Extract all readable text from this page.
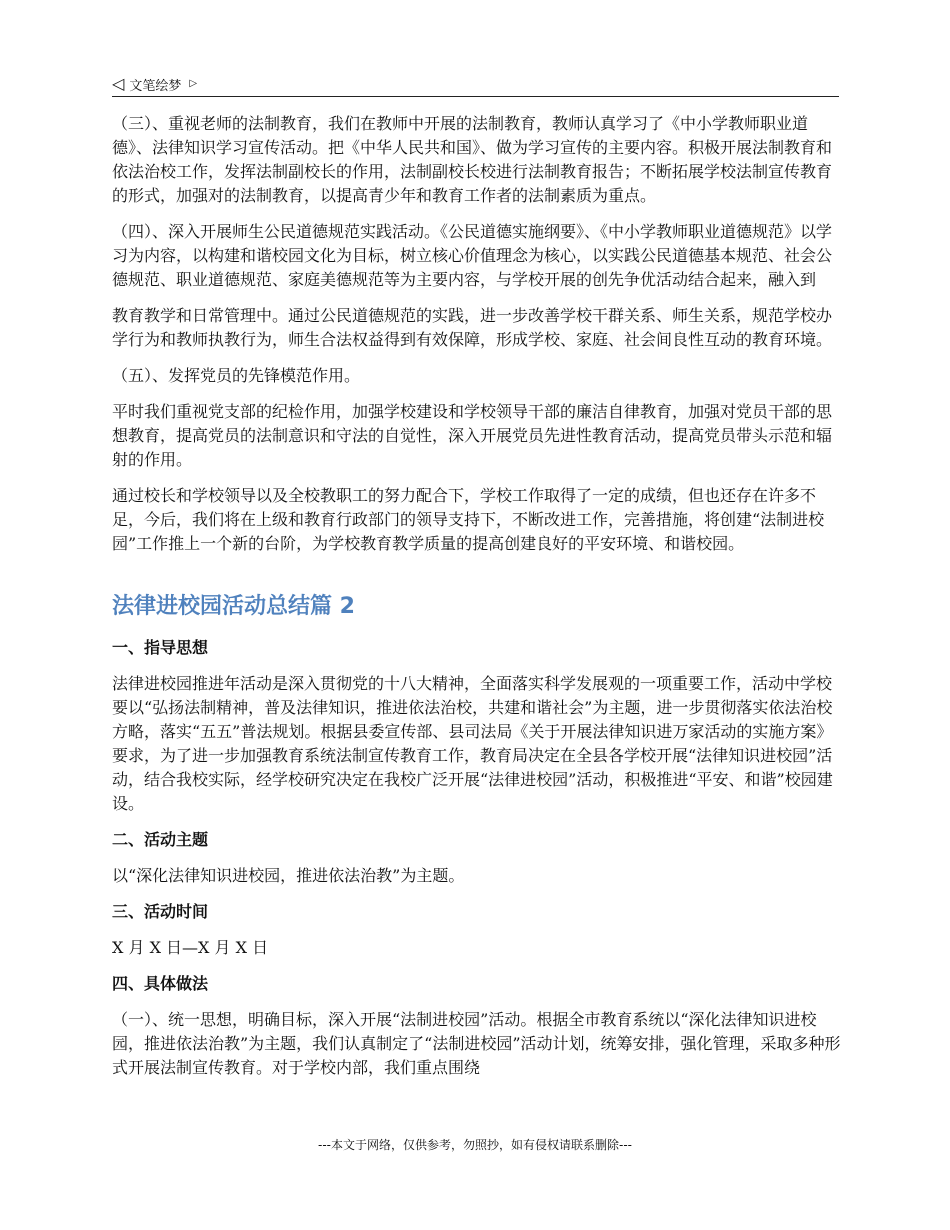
◁ 文笔绘梦 ▷

（三）、重视老师的法制教育，我们在教师中开展的法制教育，教师认真学习了《中小学教师职业道德》、法律知识学习宣传活动。把《中华人民共和国》、做为学习宣传的主要内容。积极开展法制教育和依法治校工作，发挥法制副校长的作用，法制副校长校进行法制教育报告；不断拓展学校法制宣传教育的形式，加强对的法制教育，以提高青少年和教育工作者的法制素质为重点。

（四）、深入开展师生公民道德规范实践活动。《公民道德实施纲要》、《中小学教师职业道德规范》以学习为内容，以构建和谐校园文化为目标，树立核心价值理念为核心，以实践公民道德基本规范、社会公德规范、职业道德规范、家庭美德规范等为主要内容，与学校开展的创先争优活动结合起来，融入到

教育教学和日常管理中。通过公民道德规范的实践，进一步改善学校干群关系、师生关系，规范学校办学行为和教师执教行为，师生合法权益得到有效保障，形成学校、家庭、社会间良性互动的教育环境。

（五）、发挥党员的先锋模范作用。

平时我们重视党支部的纪检作用，加强学校建设和学校领导干部的廉洁自律教育，加强对党员干部的思想教育，提高党员的法制意识和守法的自觉性，深入开展党员先进性教育活动，提高党员带头示范和辐射的作用。

通过校长和学校领导以及全校教职工的努力配合下，学校工作取得了一定的成绩，但也还存在许多不足，今后，我们将在上级和教育行政部门的领导支持下，不断改进工作，完善措施，将创建“法制进校园”工作推上一个新的台阶，为学校教育教学质量的提高创建良好的平安环境、和谐校园。

法律进校园活动总结篇 2
一、指导思想

法律进校园推进年活动是深入贯彻党的十八大精神，全面落实科学发展观的一项重要工作，活动中学校要以“弘扬法制精神，普及法律知识，推进依法治校，共建和谐社会”为主题，进一步贯彻落实依法治校方略，落实“五五”普法规划。根据县委宣传部、县司法局《关于开展法律知识进万家活动的实施方案》要求，为了进一步加强教育系统法制宣传教育工作，教育局决定在全县各学校开展“法律知识进校园”活动，结合我校实际，经学校研究决定在我校广泛开展“法律进校园”活动，积极推进“平安、和谐”校园建设。

二、活动主题

以“深化法律知识进校园，推进依法治教”为主题。

三、活动时间

X 月 X 日—X 月 X 日

四、具体做法

（一）、统一思想，明确目标，深入开展“法制进校园”活动。根据全市教育系统以“深化法律知识进校园，推进依法治教”为主题，我们认真制定了“法制进校园”活动计划，统筹安排，强化管理，采取多种形式开展法制宣传教育。对于学校内部，我们重点围绕

---本文于网络，仅供参考，勿照抄，如有侵权请联系删除---
